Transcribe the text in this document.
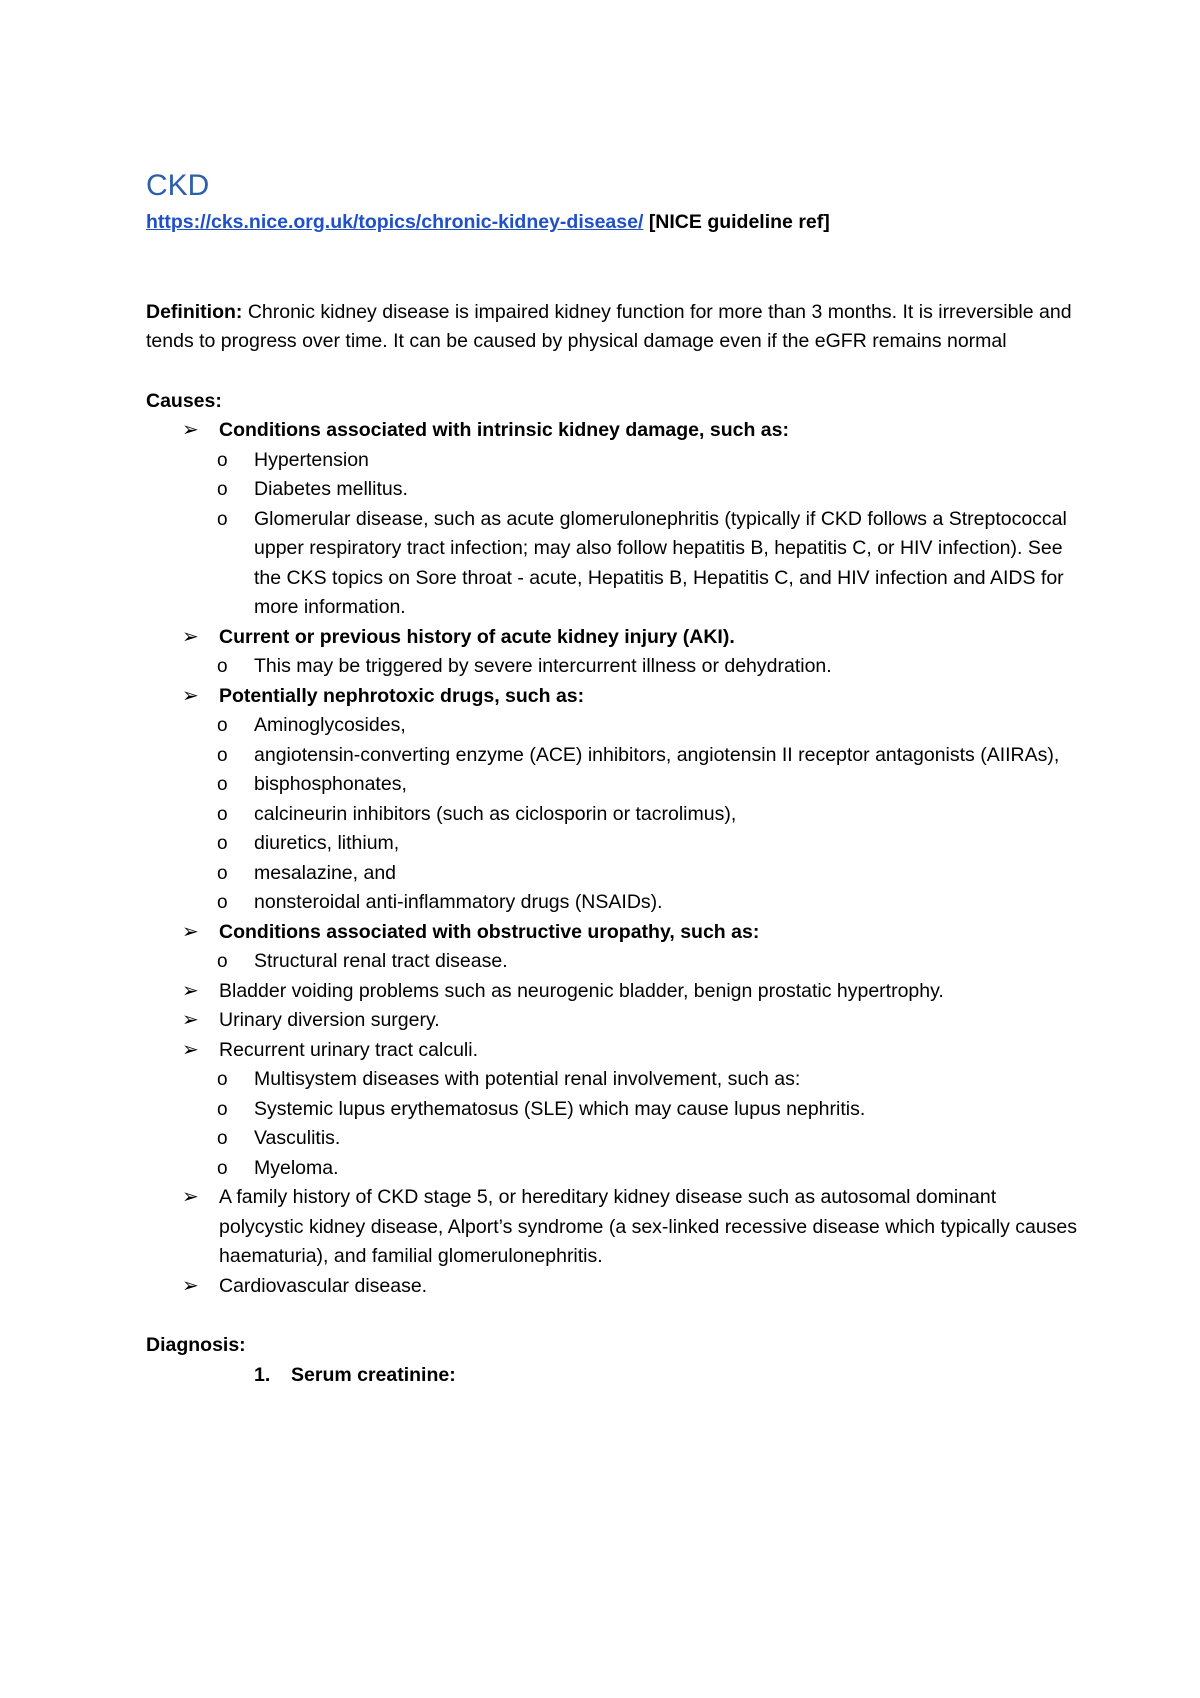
CKD

https://cks.nice.org.uk/topics/chronic-kidney-disease/ [NICE guideline ref]

Definition: Chronic kidney disease is impaired kidney function for more than 3 months. It is irreversible and tends to progress over time. It can be caused by physical damage even if the eGFR remains normal

Causes:

➢ Conditions associated with intrinsic kidney damage, such as:
o Hypertension
o Diabetes mellitus.
o Glomerular disease, such as acute glomerulonephritis (typically if CKD follows a Streptococcal upper respiratory tract infection; may also follow hepatitis B, hepatitis C, or HIV infection). See the CKS topics on Sore throat - acute, Hepatitis B, Hepatitis C, and HIV infection and AIDS for more information.
➢ Current or previous history of acute kidney injury (AKI).
o This may be triggered by severe intercurrent illness or dehydration.
➢ Potentially nephrotoxic drugs, such as:
o Aminoglycosides,
o angiotensin-converting enzyme (ACE) inhibitors, angiotensin II receptor antagonists (AIIRAs),
o bisphosphonates,
o calcineurin inhibitors (such as ciclosporin or tacrolimus),
o diuretics, lithium,
o mesalazine, and
o nonsteroidal anti-inflammatory drugs (NSAIDs).
➢ Conditions associated with obstructive uropathy, such as:
o Structural renal tract disease.
➢ Bladder voiding problems such as neurogenic bladder, benign prostatic hypertrophy.
➢ Urinary diversion surgery.
➢ Recurrent urinary tract calculi.
o Multisystem diseases with potential renal involvement, such as:
o Systemic lupus erythematosus (SLE) which may cause lupus nephritis.
o Vasculitis.
o Myeloma.
➢ A family history of CKD stage 5, or hereditary kidney disease such as autosomal dominant polycystic kidney disease, Alport’s syndrome (a sex-linked recessive disease which typically causes haematuria), and familial glomerulonephritis.
➢ Cardiovascular disease.

Diagnosis:

1. Serum creatinine:
